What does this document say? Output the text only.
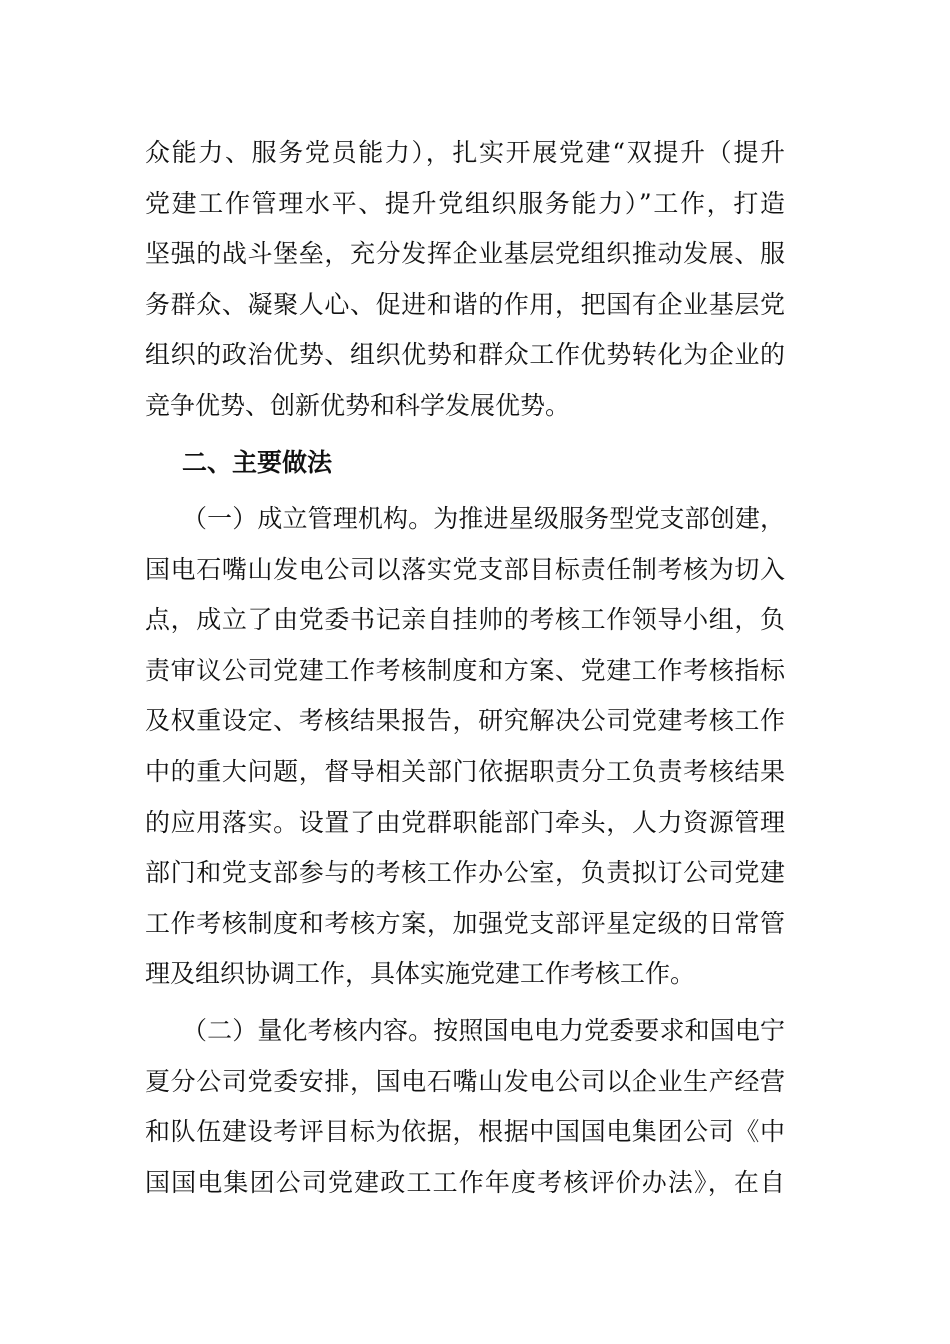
众能力、服务党员能力），扎实开展党建“双提升（提升
党建工作管理水平、提升党组织服务能力）”工作，打造
坚强的战斗堡垒，充分发挥企业基层党组织推动发展、服
务群众、凝聚人心、促进和谐的作用，把国有企业基层党
组织的政治优势、组织优势和群众工作优势转化为企业的
竞争优势、创新优势和科学发展优势。
二、主要做法
（一）成立管理机构。为推进星级服务型党支部创建，
国电石嘴山发电公司以落实党支部目标责任制考核为切入
点，成立了由党委书记亲自挂帅的考核工作领导小组，负
责审议公司党建工作考核制度和方案、党建工作考核指标
及权重设定、考核结果报告，研究解决公司党建考核工作
中的重大问题，督导相关部门依据职责分工负责考核结果
的应用落实。设置了由党群职能部门牵头，人力资源管理
部门和党支部参与的考核工作办公室，负责拟订公司党建
工作考核制度和考核方案，加强党支部评星定级的日常管
理及组织协调工作，具体实施党建工作考核工作。
（二）量化考核内容。按照国电电力党委要求和国电宁
夏分公司党委安排，国电石嘴山发电公司以企业生产经营
和队伍建设考评目标为依据，根据中国国电集团公司《中
国国电集团公司党建政工工作年度考核评价办法》，在自
